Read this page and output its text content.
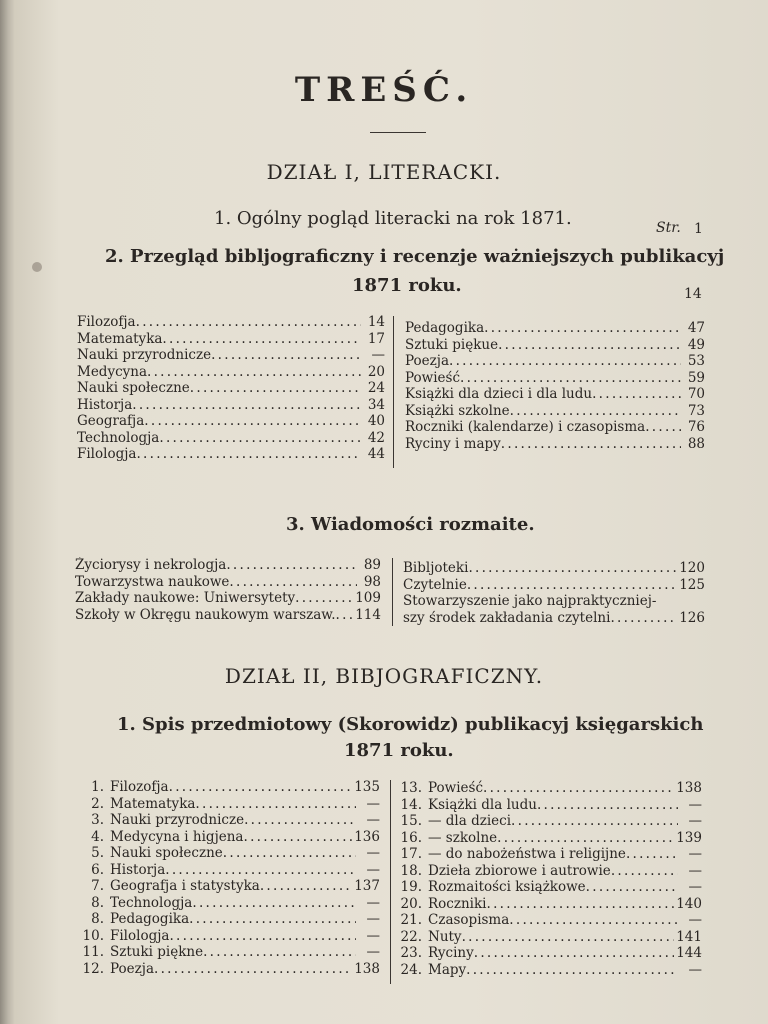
TREŚĆ.
DZIAŁ I, LITERACKI.
1. Ogólny pogląd literacki na rok 1871.	Str. 1
2. Przegląd bibljograficzny i recenzje ważniejszych publikacyj
1871 roku.	14
Filozofja . . .	14
Matematyka . . .	17
Nauki przyrodnicze . . .	—
Medycyna . . .	20
Nauki społeczne . . .	24
Historja . . .	34
Geografja . . .	40
Technologja . . .	42
Filologja . . .	44
Pedagogika . . .	47
Sztuki piękue . . .	49
Poezja . . .	53
Powieść . . .	59
Książki dla dzieci i dla ludu . . .	70
Książki szkolne . . .	73
Roczniki (kalendarze) i czasopisma . . .	76
Ryciny i mapy . . .	88
3. Wiadomości rozmaite.
Życiorysy i nekrologja . . .	89
Towarzystwa naukowe . . .	98
Zakłady naukowe: Uniwersytety . . .	109
Szkoły w Okręgu naukowym warszaw. . . . 114
Bibljoteki . . .	120
Czytelnie . . .	125
Stowarzyszenie jako najpraktyczniej-
szy środek zakładania czytelni . . .	126
DZIAŁ II, BIBJOGRAFICZNY.
1. Spis przedmiotowy (Skorowidz) publikacyj księgarskich
1871 roku.
1. Filozofja . . .	135
2. Matematyka . . .	—
3. Nauki przyrodnicze . . .	—
4. Medycyna i higjena . . .	136
5. Nauki społeczne . . .	—
6. Historja . . .	—
7. Geografja i statystyka . . .	137
8. Technologja . . .	—
8. Pedagogika . . .	—
10. Filologja . . .	—
11. Sztuki piękne . . .	—
12. Poezja . . .	138
13. Powieść . . .	138
14. Książki dla ludu . . .	—
15. — dla dzieci . . .	—
16. — szkolne . . .	139
17. — do nabożeństwa i religijne . . .	—
18. Dzieła zbiorowe i autrowie . . .	—
19. Rozmaitości książkowe . . .	—
20. Roczniki . . .	140
21. Czasopisma . . .	—
22. Nuty . . .	141
23. Ryciny . . .	144
24. Mapy . . .	—
